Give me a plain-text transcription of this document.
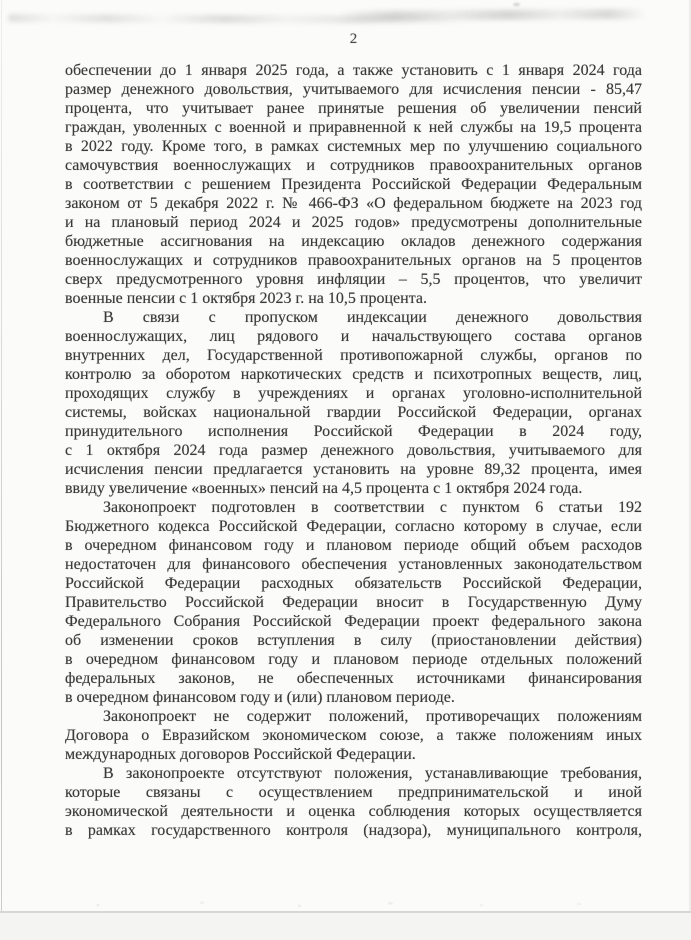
2
обеспечении до 1 января 2025 года, а также установить с 1 января 2024 года
размер денежного довольствия, учитываемого для исчисления пенсии - 85,47
процента, что учитывает ранее принятые решения об увеличении пенсий
граждан, уволенных с военной и приравненной к ней службы на 19,5 процента
в 2022 году. Кроме того, в рамках системных мер по улучшению социального
самочувствия военнослужащих и сотрудников правоохранительных органов
в соответствии с решением Президента Российской Федерации Федеральным
законом от 5 декабря 2022 г. № 466-ФЗ «О федеральном бюджете на 2023 год
и на плановый период 2024 и 2025 годов» предусмотрены дополнительные
бюджетные ассигнования на индексацию окладов денежного содержания
военнослужащих и сотрудников правоохранительных органов на 5 процентов
сверх предусмотренного уровня инфляции – 5,5 процентов, что увеличит
военные пенсии с 1 октября 2023 г. на 10,5 процента.
В связи с пропуском индексации денежного довольствия
военнослужащих, лиц рядового и начальствующего состава органов
внутренних дел, Государственной противопожарной службы, органов по
контролю за оборотом наркотических средств и психотропных веществ, лиц,
проходящих службу в учреждениях и органах уголовно-исполнительной
системы, войсках национальной гвардии Российской Федерации, органах
принудительного исполнения Российской Федерации в 2024 году,
с 1 октября 2024 года размер денежного довольствия, учитываемого для
исчисления пенсии предлагается установить на уровне 89,32 процента, имея
ввиду увеличение «военных» пенсий на 4,5 процента с 1 октября 2024 года.
Законопроект подготовлен в соответствии с пунктом 6 статьи 192
Бюджетного кодекса Российской Федерации, согласно которому в случае, если
в очередном финансовом году и плановом периоде общий объем расходов
недостаточен для финансового обеспечения установленных законодательством
Российской Федерации расходных обязательств Российской Федерации,
Правительство Российской Федерации вносит в Государственную Думу
Федерального Собрания Российской Федерации проект федерального закона
об изменении сроков вступления в силу (приостановлении действия)
в очередном финансовом году и плановом периоде отдельных положений
федеральных законов, не обеспеченных источниками финансирования
в очередном финансовом году и (или) плановом периоде.
Законопроект не содержит положений, противоречащих положениям
Договора о Евразийском экономическом союзе, а также положениям иных
международных договоров Российской Федерации.
В законопроекте отсутствуют положения, устанавливающие требования,
которые связаны с осуществлением предпринимательской и иной
экономической деятельности и оценка соблюдения которых осуществляется
в рамках государственного контроля (надзора), муниципального контроля,
